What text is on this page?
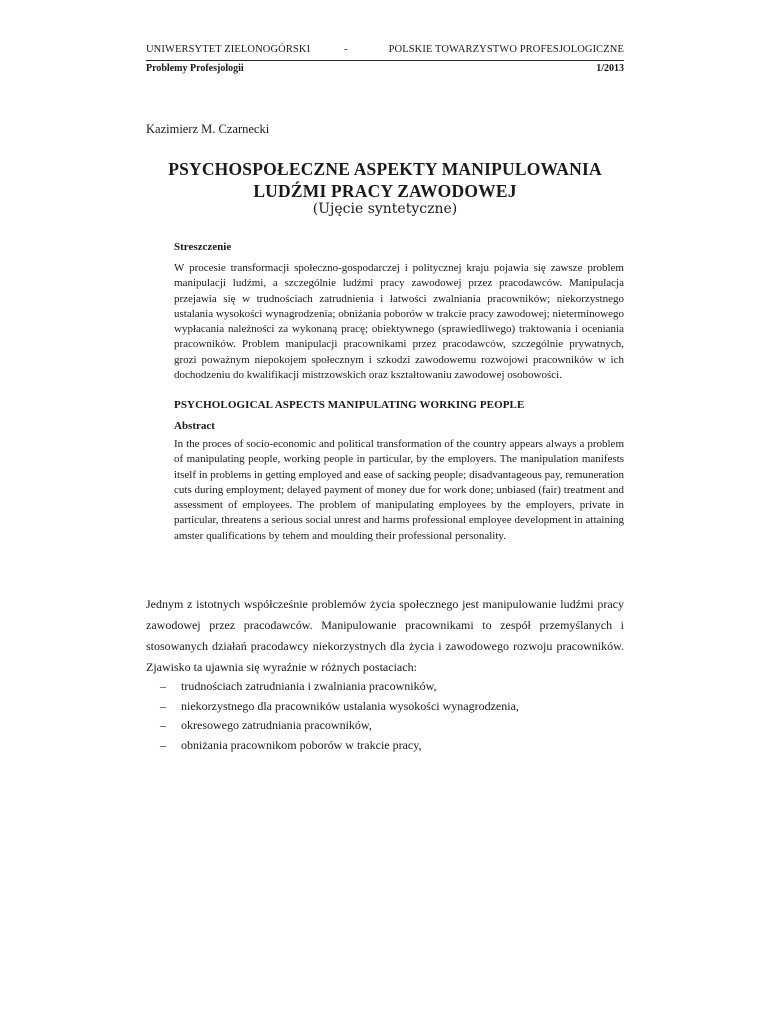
UNIWERSYTET ZIELONOGÓRSKI	-	POLSKIE TOWARZYSTWO PROFESJOLOGICZNE
Problemy Profesjologii	1/2013
Kazimierz M. Czarnecki
PSYCHOSPOŁECZNE ASPEKTY MANIPULOWANIA
LUDŹMI PRACY ZAWODOWEJ
(Ujęcie syntetyczne)
Streszczenie

W procesie transformacji społeczno-gospodarczej i politycznej kraju pojawia się zawsze problem manipulacji ludźmi, a szczególnie ludźmi pracy zawodowej przez pracodawców. Manipulacja przejawia się w trudnościach zatrudnienia i łatwości zwalniania pracowników; niekorzystnego ustalania wysokości wynagrodzenia; obniżania poborów w trakcie pracy zawodowej; nieterminowego wypłacania należności za wykonaną pracę; obiektywnego (sprawiedliwego) traktowania i oceniania pracowników. Problem manipulacji pracownikami przez pracodawców, szczególnie prywatnych, grozi poważnym niepokojem społecznym i szkodzi zawodowemu rozwojowi pracowników w ich dochodzeniu do kwalifikacji mistrzowskich oraz kształtowaniu zawodowej osobowości.

PSYCHOLOGICAL ASPECTS MANIPULATING WORKING PEOPLE
Abstract

In the proces of socio-economic and political transformation of the country appears always a problem of manipulating people, working people in particular, by the employers. The manipulation manifests itself in problems in getting employed and ease of sacking people; disadvantageous pay, remuneration cuts during employment; delayed payment of money due for work done; unbiased (fair) treatment and assessment of employees. The problem of manipulating employees by the employers, private in particular, threatens a serious social unrest and harms professional employee development in attaining amster qualifications by tehem and moulding their professional personality.

Jednym z istotnych współcześnie problemów życia społecznego jest manipulowanie ludźmi pracy zawodowej przez pracodawców. Manipulowanie pracownikami to zespół przemyślanych i stosowanych działań pracodawcy niekorzystnych dla życia i zawodowego rozwoju pracowników. Zjawisko ta ujawnia się wyraźnie w różnych postaciach:

– trudnościach zatrudniania i zwalniania pracowników,
– niekorzystnego dla pracowników ustalania wysokości wynagrodzenia,
– okresowego zatrudniania pracowników,
– obniżania pracownikom poborów w trakcie pracy,
